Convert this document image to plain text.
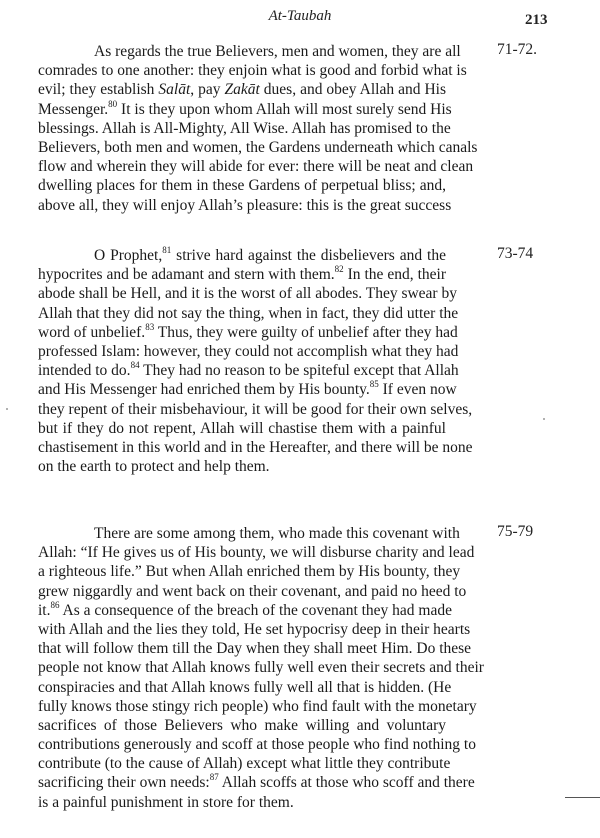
At-Taubah	213
As regards the true Believers, men and women, they are all
comrades to one another: they enjoin what is good and forbid what is
evil; they establish Salāt, pay Zakāt dues, and obey Allah and His
Messenger.$^{80}$ It is they upon whom Allah will most surely send His
blessings. Allah is All-Mighty, All Wise. Allah has promised to the
Believers, both men and women, the Gardens underneath which canals
flow and wherein they will abide for ever: there will be neat and clean
dwelling places for them in these Gardens of perpetual bliss; and,
above all, they will enjoy Allah’s pleasure: this is the great success
71-72.
O Prophet,$^{81}$ strive hard against the disbelievers and the
hypocrites and be adamant and stern with them.$^{82}$ In the end, their
abode shall be Hell, and it is the worst of all abodes. They swear by
Allah that they did not say the thing, when in fact, they did utter the
word of unbelief.$^{83}$ Thus, they were guilty of unbelief after they had
professed Islam: however, they could not accomplish what they had
intended to do.$^{84}$ They had no reason to be spiteful except that Allah
and His Messenger had enriched them by His bounty.$^{85}$ If even now
they repent of their misbehaviour, it will be good for their own selves,
but if they do not repent, Allah will chastise them with a painful
chastisement in this world and in the Hereafter, and there will be none
on the earth to protect and help them.
73-74
There are some among them, who made this covenant with
Allah: “If He gives us of His bounty, we will disburse charity and lead
a righteous life.” But when Allah enriched them by His bounty, they
grew niggardly and went back on their covenant, and paid no heed to
it.$^{86}$ As a consequence of the breach of the covenant they had made
with Allah and the lies they told, He set hypocrisy deep in their hearts
that will follow them till the Day when they shall meet Him. Do these
people not know that Allah knows fully well even their secrets and their
conspiracies and that Allah knows fully well all that is hidden. (He
fully knows those stingy rich people) who find fault with the monetary
sacrifices of those Believers who make willing and voluntary
contributions generously and scoff at those people who find nothing to
contribute (to the cause of Allah) except what little they contribute
sacrificing their own needs:$^{87}$ Allah scoffs at those who scoff and there
is a painful punishment in store for them.
75-79
